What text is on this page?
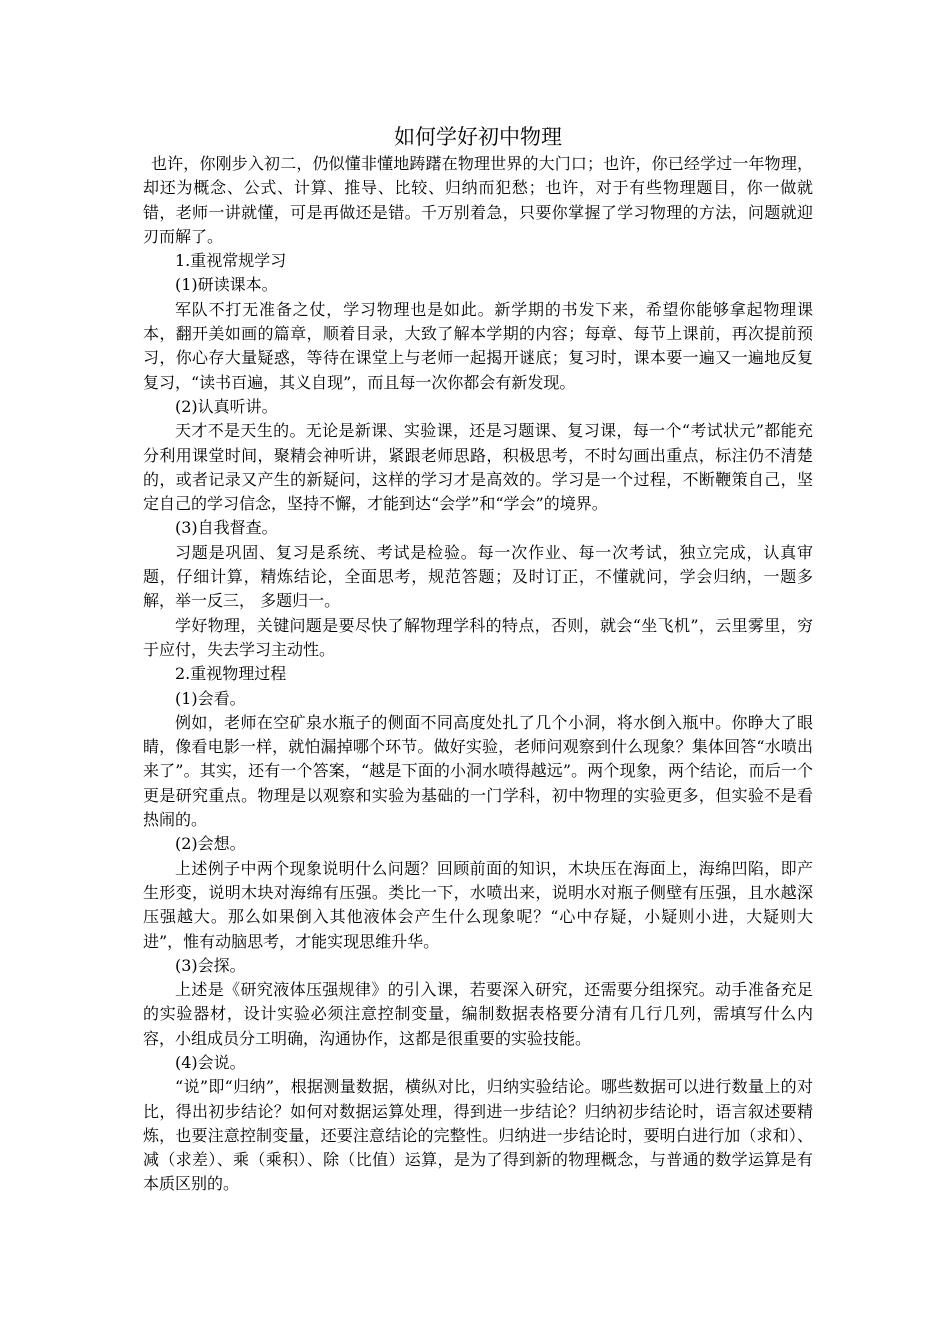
如何学好初中物理

也许，你刚步入初二，仍似懂非懂地踌躇在物理世界的大门口；也许，你已经学过一年物理，却还为概念、公式、计算、推导、比较、归纳而犯愁；也许，对于有些物理题目，你一做就错，老师一讲就懂，可是再做还是错。千万别着急，只要你掌握了学习物理的方法，问题就迎刃而解了。

1.重视常规学习

(1)研读课本。

军队不打无准备之仗，学习物理也是如此。新学期的书发下来，希望你能够拿起物理课本，翻开美如画的篇章，顺着目录，大致了解本学期的内容；每章、每节上课前，再次提前预习，你心存大量疑惑，等待在课堂上与老师一起揭开谜底；复习时，课本要一遍又一遍地反复复习，“读书百遍，其义自现”，而且每一次你都会有新发现。

(2)认真听讲。

天才不是天生的。无论是新课、实验课，还是习题课、复习课，每一个“考试状元”都能充分利用课堂时间，聚精会神听讲，紧跟老师思路，积极思考，不时勾画出重点，标注仍不清楚的，或者记录又产生的新疑问，这样的学习才是高效的。学习是一个过程，不断鞭策自己，坚定自己的学习信念，坚持不懈，才能到达“会学”和“学会”的境界。

(3)自我督查。

习题是巩固、复习是系统、考试是检验。每一次作业、每一次考试，独立完成，认真审题，仔细计算，精炼结论，全面思考，规范答题；及时订正，不懂就问，学会归纳，一题多解，举一反三， 多题归一。

学好物理，关键问题是要尽快了解物理学科的特点，否则，就会“坐飞机”，云里雾里，穷于应付，失去学习主动性。

2.重视物理过程

(1)会看。

例如，老师在空矿泉水瓶子的侧面不同高度处扎了几个小洞，将水倒入瓶中。你睁大了眼睛，像看电影一样，就怕漏掉哪个环节。做好实验，老师问观察到什么现象？集体回答“水喷出来了”。其实，还有一个答案，“越是下面的小洞水喷得越远”。两个现象，两个结论，而后一个更是研究重点。物理是以观察和实验为基础的一门学科，初中物理的实验更多，但实验不是看热闹的。

(2)会想。

上述例子中两个现象说明什么问题？回顾前面的知识，木块压在海面上，海绵凹陷，即产生形变，说明木块对海绵有压强。类比一下，水喷出来，说明水对瓶子侧壁有压强，且水越深压强越大。那么如果倒入其他液体会产生什么现象呢？“心中存疑，小疑则小进，大疑则大进”，惟有动脑思考，才能实现思维升华。

(3)会探。

上述是《研究液体压强规律》的引入课，若要深入研究，还需要分组探究。动手准备充足的实验器材，设计实验必须注意控制变量，编制数据表格要分清有几行几列，需填写什么内容，小组成员分工明确，沟通协作，这都是很重要的实验技能。

(4)会说。

“说”即“归纳”，根据测量数据，横纵对比，归纳实验结论。哪些数据可以进行数量上的对比，得出初步结论？如何对数据运算处理，得到进一步结论？归纳初步结论时，语言叙述要精炼，也要注意控制变量，还要注意结论的完整性。归纳进一步结论时，要明白进行加（求和）、减（求差）、乘（乘积）、除（比值）运算，是为了得到新的物理概念，与普通的数学运算是有本质区别的。
